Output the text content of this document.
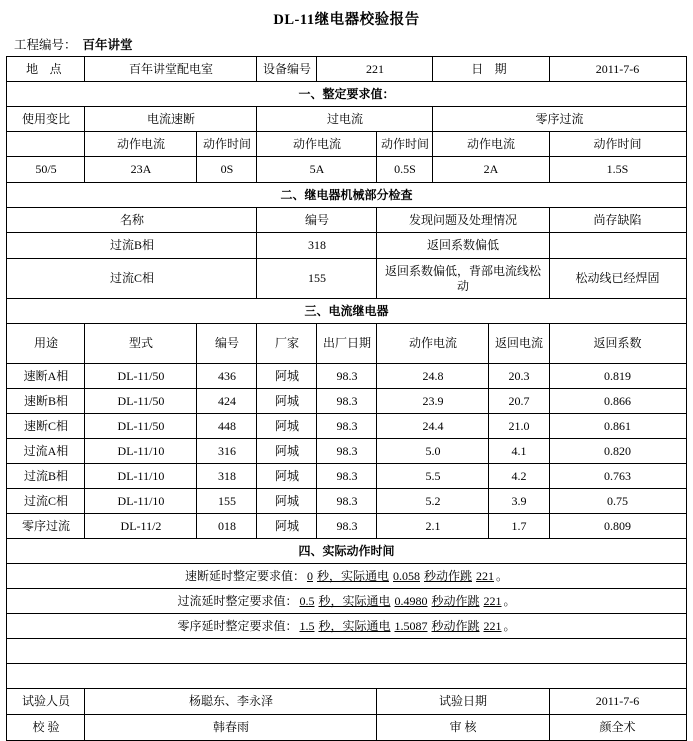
DL-11继电器校验报告
工程编号： 百年讲堂
地 点	百年讲堂配电室		设备编号	221		日 期		2011-7-6
一、整定要求值：								
使用变比	电流速断		过电流			零序过流		
	动作电流	动作时间	动作电流		动作时间	动作电流		动作时间
50/5	23A	0S	5A		0.5S	2A		1.5S
二、继电器机械部分检查								
名称			编号		发现问题及处理情况			尚存缺陷
过流B相			318		返回系数偏低			
过流C相			155		返回系数偏低，背部电流线松动			松动线已经焊固
三、电流继电器								
用途	型式	编号	厂家	出厂日期	动作电流		返回电流	返回系数
速断A相	DL-11/50	436	阿城	98.3	24.8		20.3	0.819
速断B相	DL-11/50	424	阿城	98.3	23.9		20.7	0.866
速断C相	DL-11/50	448	阿城	98.3	24.4		21.0	0.861
过流A相	DL-11/10	316	阿城	98.3	5.0		4.1	0.820
过流B相	DL-11/10	318	阿城	98.3	5.5		4.2	0.763
过流C相	DL-11/10	155	阿城	98.3	5.2		3.9	0.75
零序过流	DL-11/2	018	阿城	98.3	2.1		1.7	0.809
四、实际动作时间								
速断延时整定要求值： 0 秒，实际通电 0.058 秒动作跳 221 。								
过流延时整定要求值： 0.5 秒，实际通电 0.4980 秒动作跳 221 。								
零序延时整定要求值： 1.5 秒，实际通电 1.5087 秒动作跳 221 。								

试验人员	杨聪东、李永泽				试验日期			2011-7-6
校 验	韩春雨				审 核			颜全术
